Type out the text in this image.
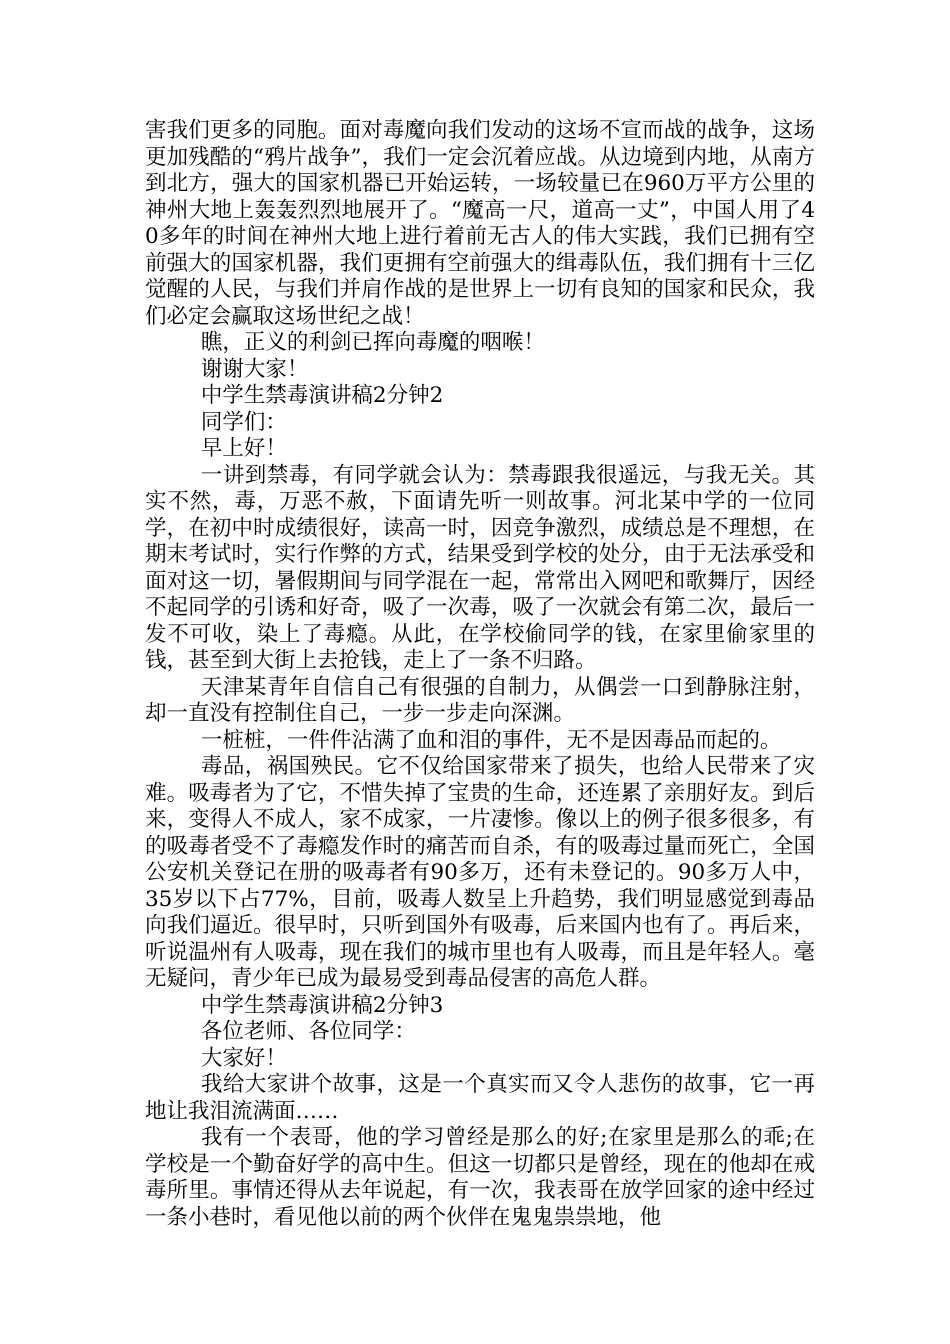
害我们更多的同胞。面对毒魔向我们发动的这场不宣而战的战争，这场更加残酷的“鸦片战争”，我们一定会沉着应战。从边境到内地，从南方到北方，强大的国家机器已开始运转，一场较量已在960万平方公里的神州大地上轰轰烈烈地展开了。“魔高一尺，道高一丈”，中国人用了40多年的时间在神州大地上进行着前无古人的伟大实践，我们已拥有空前强大的国家机器，我们更拥有空前强大的缉毒队伍，我们拥有十三亿觉醒的人民，与我们并肩作战的是世界上一切有良知的国家和民众，我们必定会赢取这场世纪之战！

瞧，正义的利剑已挥向毒魔的咽喉！

谢谢大家！

中学生禁毒演讲稿2分钟2

同学们：

早上好！

一讲到禁毒，有同学就会认为：禁毒跟我很遥远，与我无关。其实不然，毒，万恶不赦，下面请先听一则故事。河北某中学的一位同学，在初中时成绩很好，读高一时，因竞争激烈，成绩总是不理想，在期末考试时，实行作弊的方式，结果受到学校的处分，由于无法承受和面对这一切，暑假期间与同学混在一起，常常出入网吧和歌舞厅，因经不起同学的引诱和好奇，吸了一次毒，吸了一次就会有第二次，最后一发不可收，染上了毒瘾。从此，在学校偷同学的钱，在家里偷家里的钱，甚至到大街上去抢钱，走上了一条不归路。

天津某青年自信自己有很强的自制力，从偶尝一口到静脉注射，却一直没有控制住自己，一步一步走向深渊。

一桩桩，一件件沾满了血和泪的事件，无不是因毒品而起的。

毒品，祸国殃民。它不仅给国家带来了损失，也给人民带来了灾难。吸毒者为了它，不惜失掉了宝贵的生命，还连累了亲朋好友。到后来，变得人不成人，家不成家，一片凄惨。像以上的例子很多很多，有的吸毒者受不了毒瘾发作时的痛苦而自杀，有的吸毒过量而死亡，全国公安机关登记在册的吸毒者有90多万，还有未登记的。90多万人中，35岁以下占77%，目前，吸毒人数呈上升趋势，我们明显感觉到毒品向我们逼近。很早时，只听到国外有吸毒，后来国内也有了。再后来，听说温州有人吸毒，现在我们的城市里也有人吸毒，而且是年轻人。毫无疑问，青少年已成为最易受到毒品侵害的高危人群。

中学生禁毒演讲稿2分钟3

各位老师、各位同学：

大家好！

我给大家讲个故事，这是一个真实而又令人悲伤的故事，它一再地让我泪流满面……

我有一个表哥，他的学习曾经是那么的好;在家里是那么的乖;在学校是一个勤奋好学的高中生。但这一切都只是曾经，现在的他却在戒毒所里。事情还得从去年说起，有一次，我表哥在放学回家的途中经过一条小巷时，看见他以前的两个伙伴在鬼鬼祟祟地，他
